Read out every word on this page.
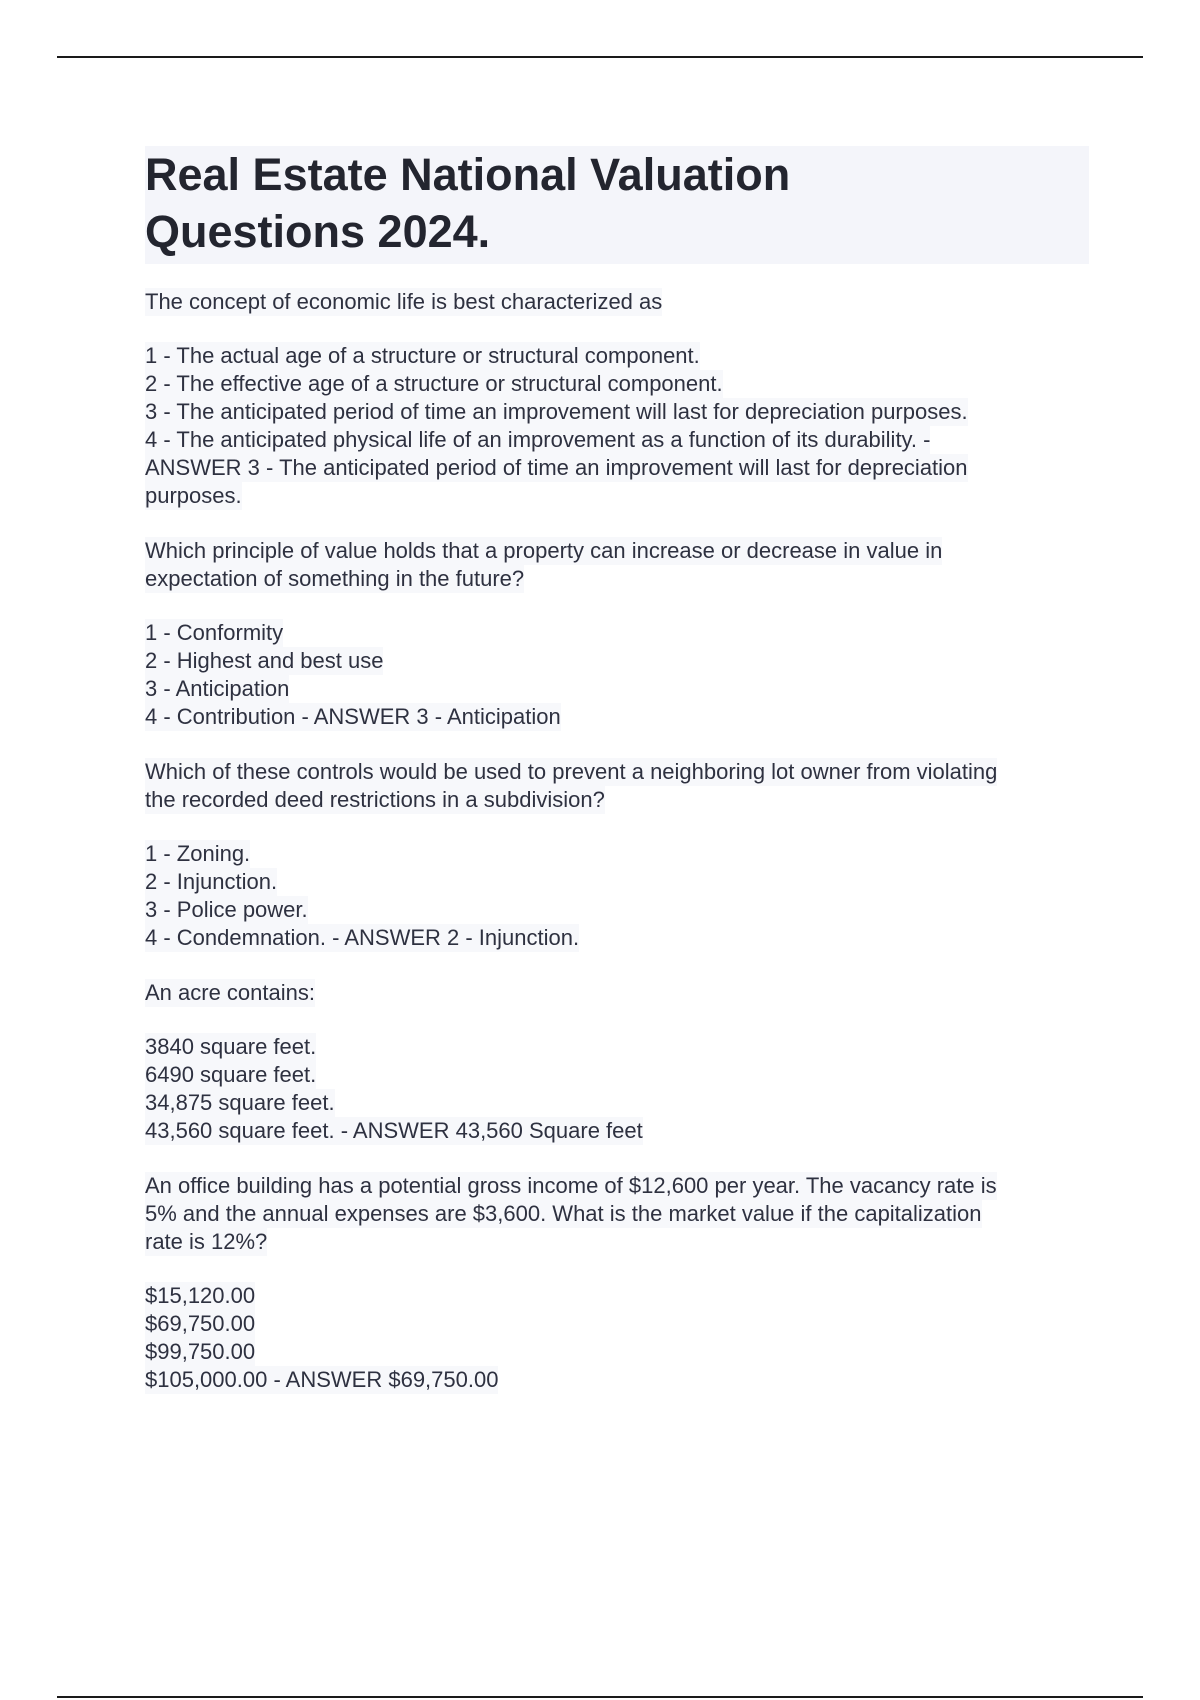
Real Estate National Valuation
Questions 2024.
The concept of economic life is best characterized as
1 - The actual age of a structure or structural component.
2 - The effective age of a structure or structural component.
3 - The anticipated period of time an improvement will last for depreciation purposes.
4 - The anticipated physical life of an improvement as a function of its durability. -
ANSWER 3 - The anticipated period of time an improvement will last for depreciation
purposes.
Which principle of value holds that a property can increase or decrease in value in
expectation of something in the future?
1 - Conformity
2 - Highest and best use
3 - Anticipation
4 - Contribution - ANSWER 3 - Anticipation
Which of these controls would be used to prevent a neighboring lot owner from violating
the recorded deed restrictions in a subdivision?
1 - Zoning.
2 - Injunction.
3 - Police power.
4 - Condemnation. - ANSWER 2 - Injunction.
An acre contains:
3840 square feet.
6490 square feet.
34,875 square feet.
43,560 square feet. - ANSWER 43,560 Square feet
An office building has a potential gross income of $12,600 per year. The vacancy rate is
5% and the annual expenses are $3,600. What is the market value if the capitalization
rate is 12%?
$15,120.00
$69,750.00
$99,750.00
$105,000.00 - ANSWER $69,750.00
